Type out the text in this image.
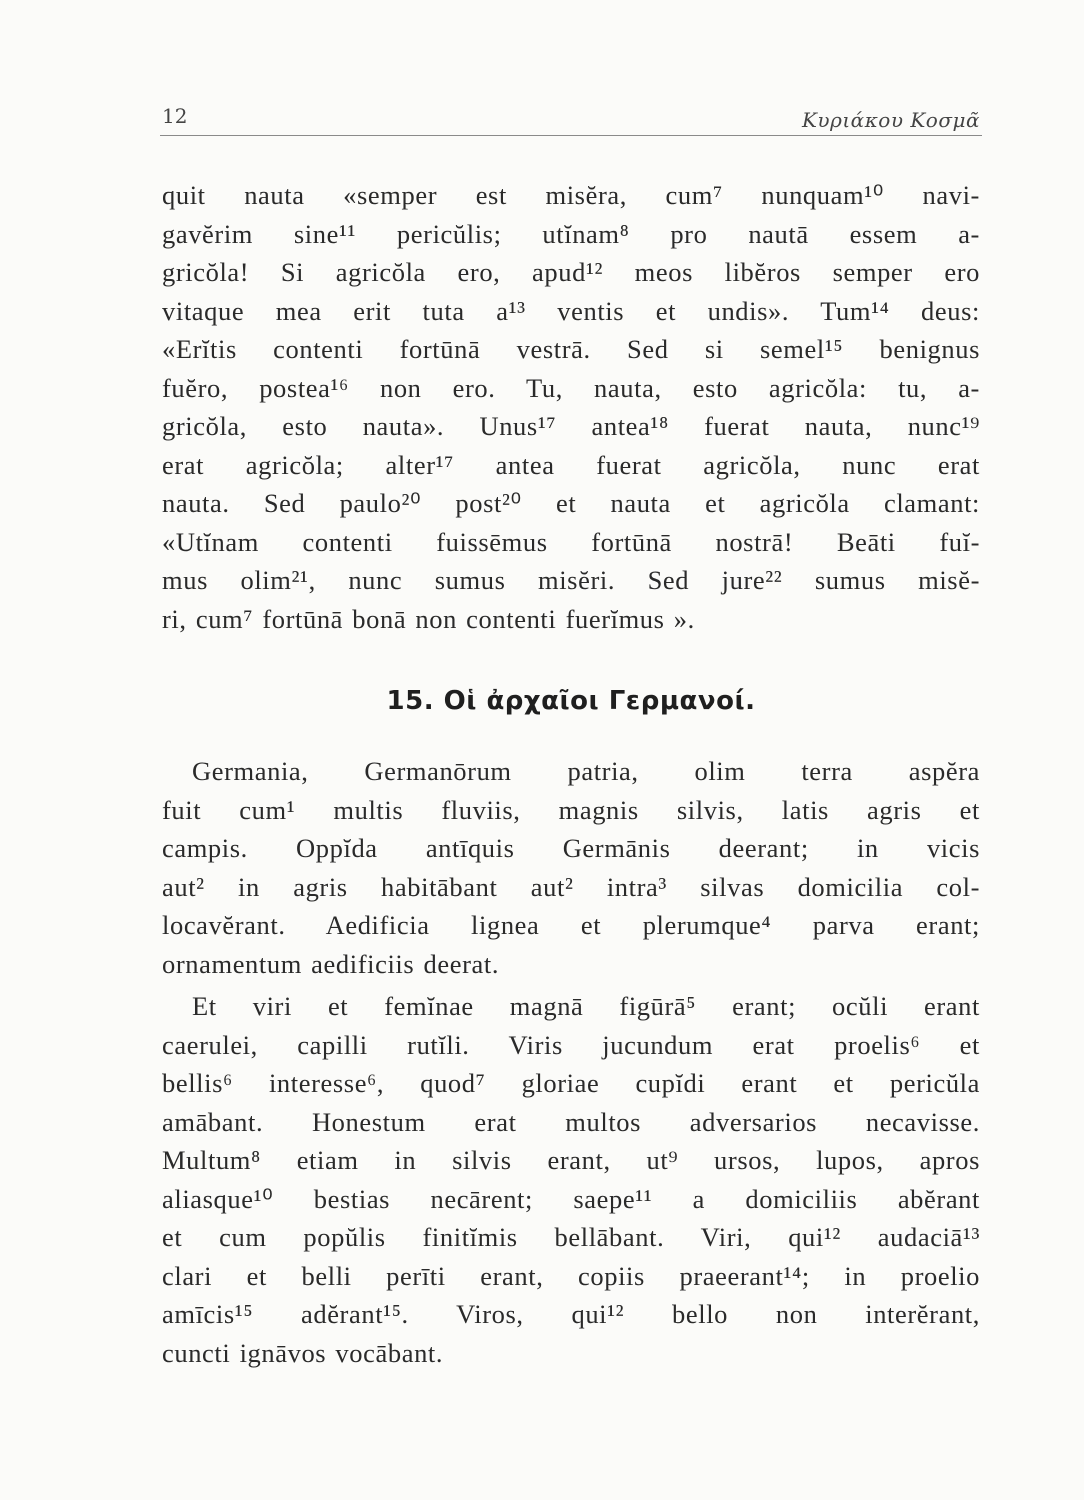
12	Κυριάκου Κοσμᾶ
quit nauta «semper est misĕra, cum⁷ nunquam¹⁰ navi-
gavĕrim sine¹¹ pericŭlis; utĭnam⁸ pro nautā essem a-
gricŏla! Si agricŏla ero, apud¹² meos libĕros semper ero
vitaque mea erit tuta a¹³ ventis et undis». Tum¹⁴ deus:
«Erĭtis contenti fortūnā vestrā. Sed si semel¹⁵ benignus
fuĕro, postea¹⁶ non ero. Tu, nauta, esto agricŏla: tu, a-
gricŏla, esto nauta». Unus¹⁷ antea¹⁸ fuerat nauta, nunc¹⁹
erat agricŏla; alter¹⁷ antea fuerat agricŏla, nunc erat
nauta. Sed paulo²⁰ post²⁰ et nauta et agricŏla clamant:
«Utĭnam contenti fuissēmus fortūnā nostrā! Beāti fuĭ-
mus olim²¹, nunc sumus misĕri. Sed jure²² sumus misĕ-
ri, cum⁷ fortūnā bonā non contenti fuerĭmus ».
15. Οἱ ἀρχαῖοι Γερμανοί.
Germania, Germanōrum patria, olim terra aspĕra
fuit cum¹ multis fluviis, magnis silvis, latis agris et
campis. Oppĭda antīquis Germānis deerant; in vicis
aut² in agris habitābant aut² intra³ silvas domicilia col-
locavĕrant. Aedificia lignea et plerumque⁴ parva erant;
ornamentum aedificiis deerat.
Et viri et femĭnae magnā figūrā⁵ erant; ocŭli erant
caerulei, capilli rutĭli. Viris jucundum erat proelis⁶ et
bellis⁶ interesse⁶, quod⁷ gloriae cupĭdi erant et pericŭla
amābant. Honestum erat multos adversarios necavisse.
Multum⁸ etiam in silvis erant, ut⁹ ursos, lupos, apros
aliasque¹⁰ bestias necārent; saepe¹¹ a domiciliis abĕrant
et cum popŭlis finitĭmis bellābant. Viri, qui¹² audaciā¹³
clari et belli perīti erant, copiis praeerant¹⁴; in proelio
amīcis¹⁵ adĕrant¹⁵. Viros, qui¹² bello non interĕrant,
cuncti ignāvos vocābant.
